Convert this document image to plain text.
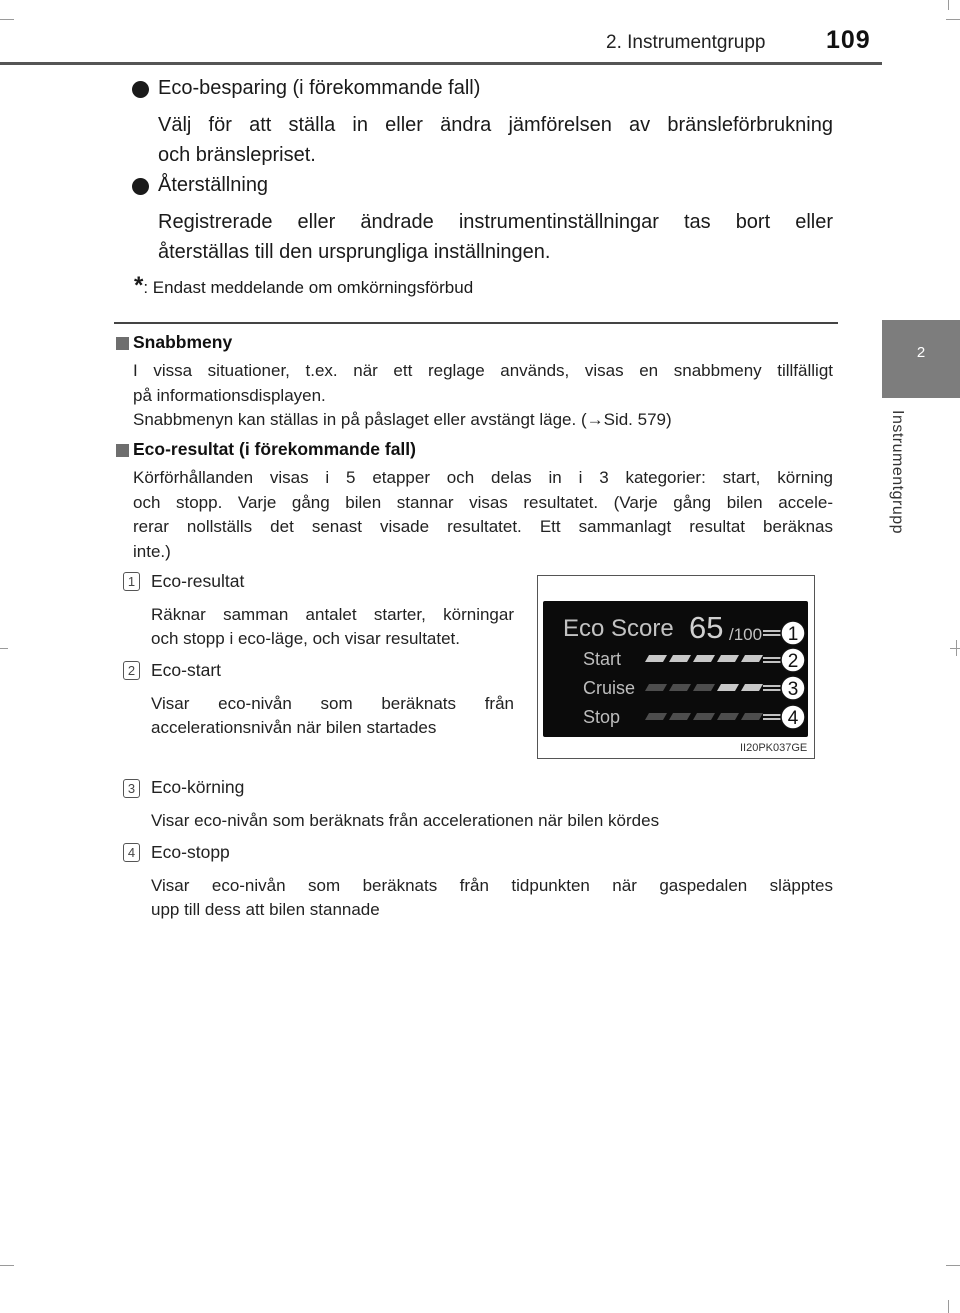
2. Instrumentgrupp 109
2
Instrumentgrupp
Eco-besparing (i förekommande fall)
Välj för att ställa in eller ändra jämförelsen av bränsleförbrukning
och bränslepriset.
Återställning
Registrerade eller ändrade instrumentinställningar tas bort eller
återställas till den ursprungliga inställningen.
*: Endast meddelande om omkörningsförbud
Snabbmeny
I vissa situationer, t.ex. när ett reglage används, visas en snabbmeny tillfälligt
på informationsdisplayen.
Snabbmenyn kan ställas in på påslaget eller avstängt läge. (→Sid. 579)
Eco-resultat (i förekommande fall)
Körförhållanden visas i 5 etapper och delas in i 3 kategorier: start, körning
och stopp. Varje gång bilen stannar visas resultatet. (Varje gång bilen accele-
rerar nollställs det senast visade resultatet. Ett sammanlagt resultat beräknas
inte.)
1 Eco-resultat
Räknar samman antalet starter, körningar
och stopp i eco-läge, och visar resultatet.
2 Eco-start
Visar eco-nivån som beräknats från
accelerationsnivån när bilen startades
3 Eco-körning
Visar eco-nivån som beräknats från accelerationen när bilen kördes
4 Eco-stopp
Visar eco-nivån som beräknats från tidpunkten när gaspedalen släpptes
upp till dess att bilen stannade
Eco Score 65 /100
Start
Cruise
Stop
1
2
3
4
II20PK037GE
